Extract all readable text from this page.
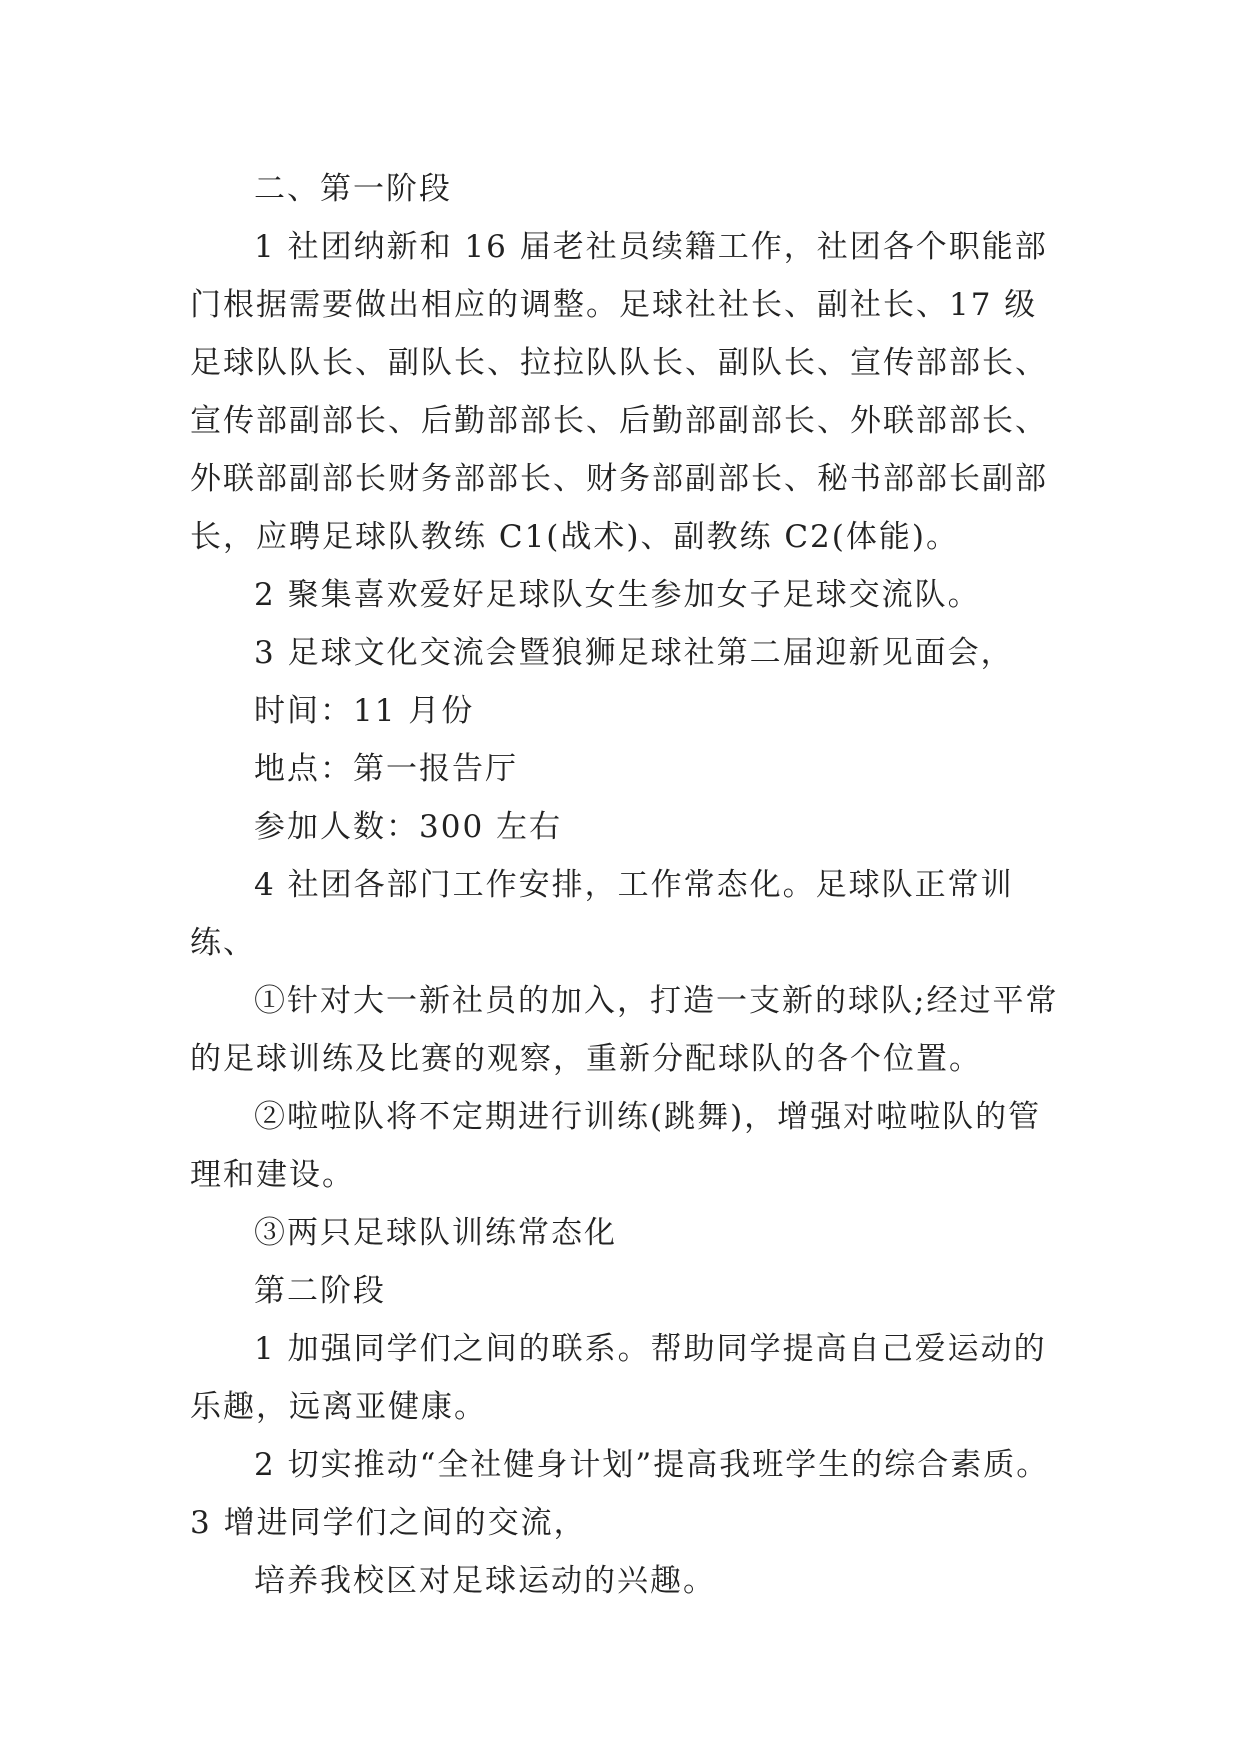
二、第一阶段

1 社团纳新和 16 届老社员续籍工作，社团各个职能部门根据需要做出相应的调整。足球社社长、副社长、17 级足球队队长、副队长、拉拉队队长、副队长、宣传部部长、宣传部副部长、后勤部部长、后勤部副部长、外联部部长、外联部副部长财务部部长、财务部副部长、秘书部部长副部长，应聘足球队教练 C1(战术)、副教练 C2(体能)。

2 聚集喜欢爱好足球队女生参加女子足球交流队。

3 足球文化交流会暨狼狮足球社第二届迎新见面会，

时间：11 月份

地点：第一报告厅

参加人数：300 左右

4 社团各部门工作安排，工作常态化。足球队正常训练、

①针对大一新社员的加入，打造一支新的球队;经过平常的足球训练及比赛的观察，重新分配球队的各个位置。

②啦啦队将不定期进行训练(跳舞)，增强对啦啦队的管理和建设。

③两只足球队训练常态化

第二阶段

1 加强同学们之间的联系。帮助同学提高自己爱运动的乐趣，远离亚健康。

2 切实推动“全社健身计划”提高我班学生的综合素质。

3 增进同学们之间的交流，

培养我校区对足球运动的兴趣。
